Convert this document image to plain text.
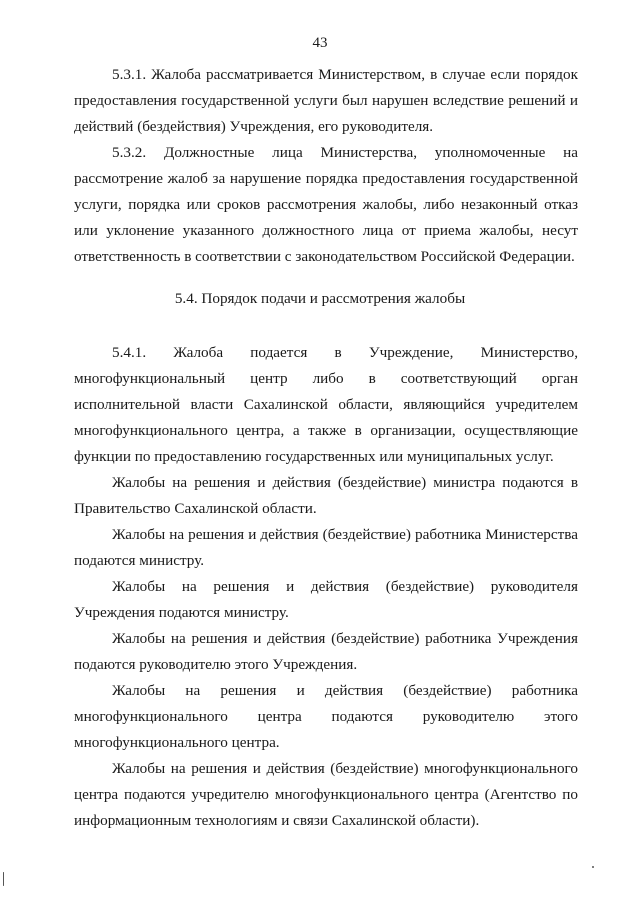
43
5.3.1. Жалоба рассматривается Министерством, в случае если порядок
предоставления государственной услуги был нарушен вследствие решений и
действий (бездействия) Учреждения, его руководителя.
5.3.2. Должностные лица Министерства, уполномоченные на
рассмотрение жалоб за нарушение порядка предоставления государственной
услуги, порядка или сроков рассмотрения жалобы, либо незаконный отказ
или уклонение указанного должностного лица от приема жалобы, несут
ответственность в соответствии с законодательством Российской Федерации.
5.4. Порядок подачи и рассмотрения жалобы
5.4.1. Жалоба подается в Учреждение, Министерство,
многофункциональный центр либо в соответствующий орган
исполнительной власти Сахалинской области, являющийся учредителем
многофункционального центра, а также в организации, осуществляющие
функции по предоставлению государственных или муниципальных услуг.
Жалобы на решения и действия (бездействие) министра подаются в
Правительство Сахалинской области.
Жалобы на решения и действия (бездействие) работника Министерства
подаются министру.
Жалобы на решения и действия (бездействие) руководителя
Учреждения подаются министру.
Жалобы на решения и действия (бездействие) работника Учреждения
подаются руководителю этого Учреждения.
Жалобы на решения и действия (бездействие) работника
многофункционального центра подаются руководителю этого
многофункционального центра.
Жалобы на решения и действия (бездействие) многофункционального
центра подаются учредителю многофункционального центра (Агентство по
информационным технологиям и связи Сахалинской области).
